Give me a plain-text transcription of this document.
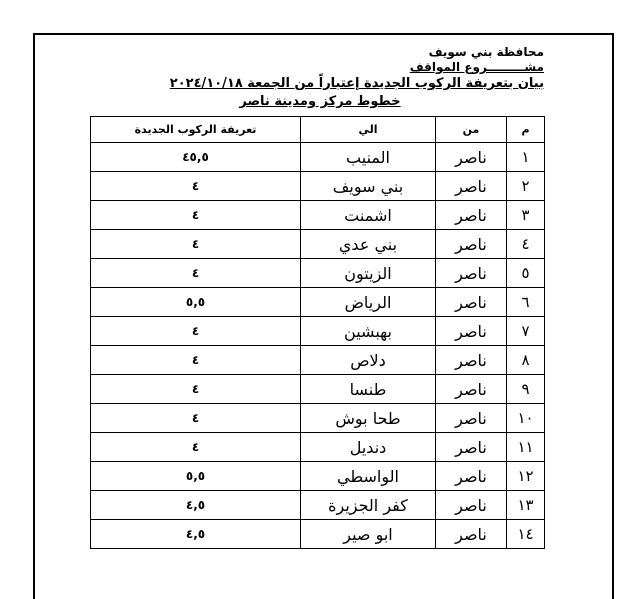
محافظة بني سويف
مشـــــــــروع المواقف
بيان بتعريفة الركوب الجديدة إعتباراً من الجمعة ٢٠٢٤/١٠/١٨
خطوط مركز ومدينة ناصر
م	من	الي	تعريفة الركوب الجديدة
١	ناصر	المنيب	٤٥,٥
٢	ناصر	بني سويف	٤
٣	ناصر	اشمنت	٤
٤	ناصر	بني عدي	٤
٥	ناصر	الزيتون	٤
٦	ناصر	الرياض	٥,٥
٧	ناصر	بهبشين	٤
٨	ناصر	دلاص	٤
٩	ناصر	طنسا	٤
١٠	ناصر	طحا بوش	٤
١١	ناصر	دنديل	٤
١٢	ناصر	الواسطي	٥,٥
١٣	ناصر	كفر الجزيرة	٤,٥
١٤	ناصر	ابو صير	٤,٥
